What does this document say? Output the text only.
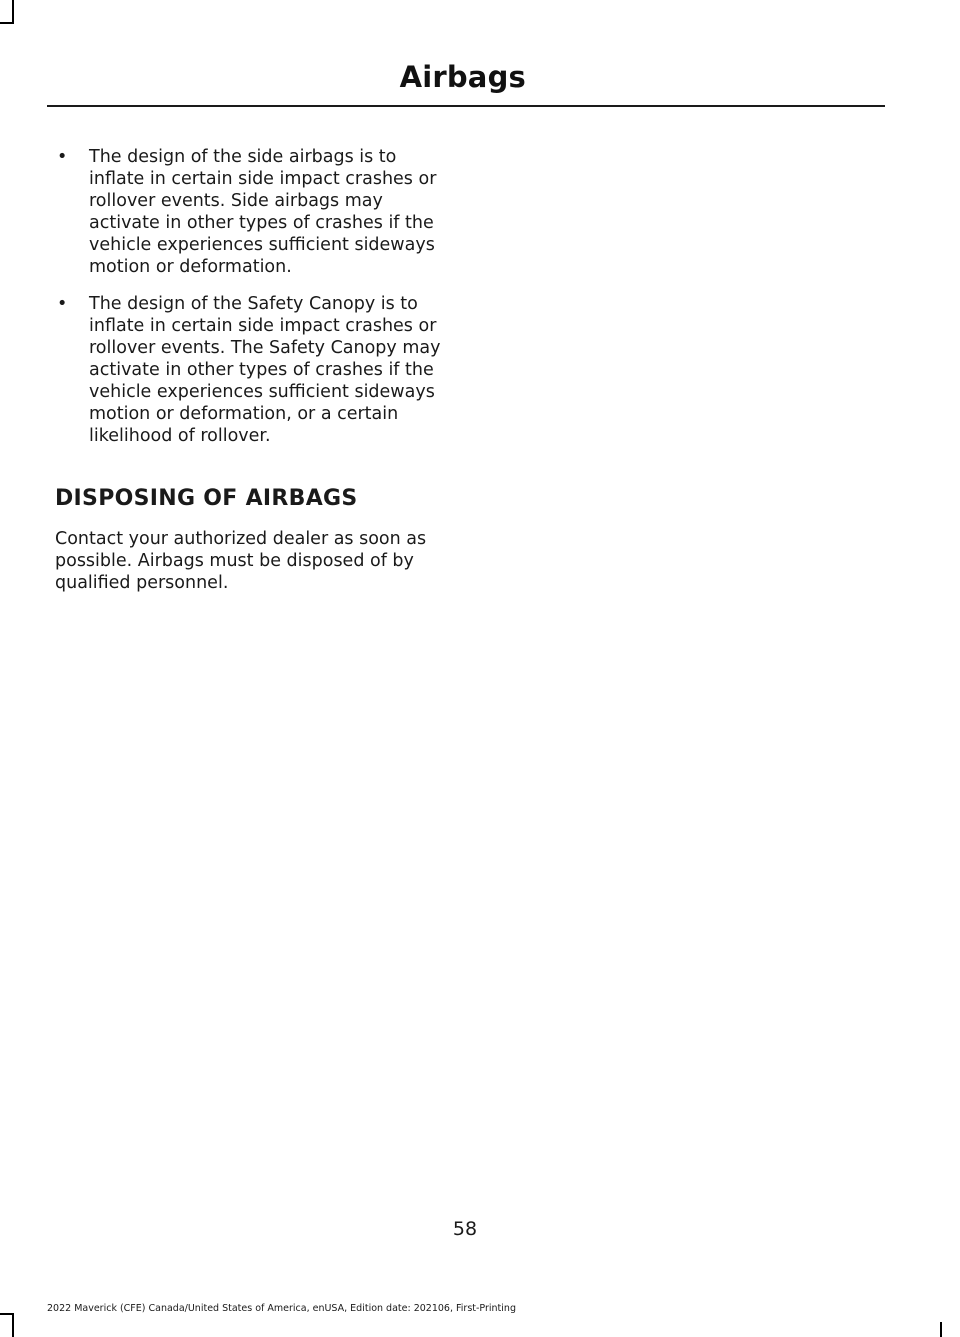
Airbags
• The design of the side airbags is to inflate in certain side impact crashes or rollover events. Side airbags may activate in other types of crashes if the vehicle experiences sufficient sideways motion or deformation.
• The design of the Safety Canopy is to inflate in certain side impact crashes or rollover events. The Safety Canopy may activate in other types of crashes if the vehicle experiences sufficient sideways motion or deformation, or a certain likelihood of rollover.
DISPOSING OF AIRBAGS

Contact your authorized dealer as soon as possible. Airbags must be disposed of by qualified personnel.

58
2022 Maverick (CFE) Canada/United States of America, enUSA, Edition date: 202106, First-Printing
